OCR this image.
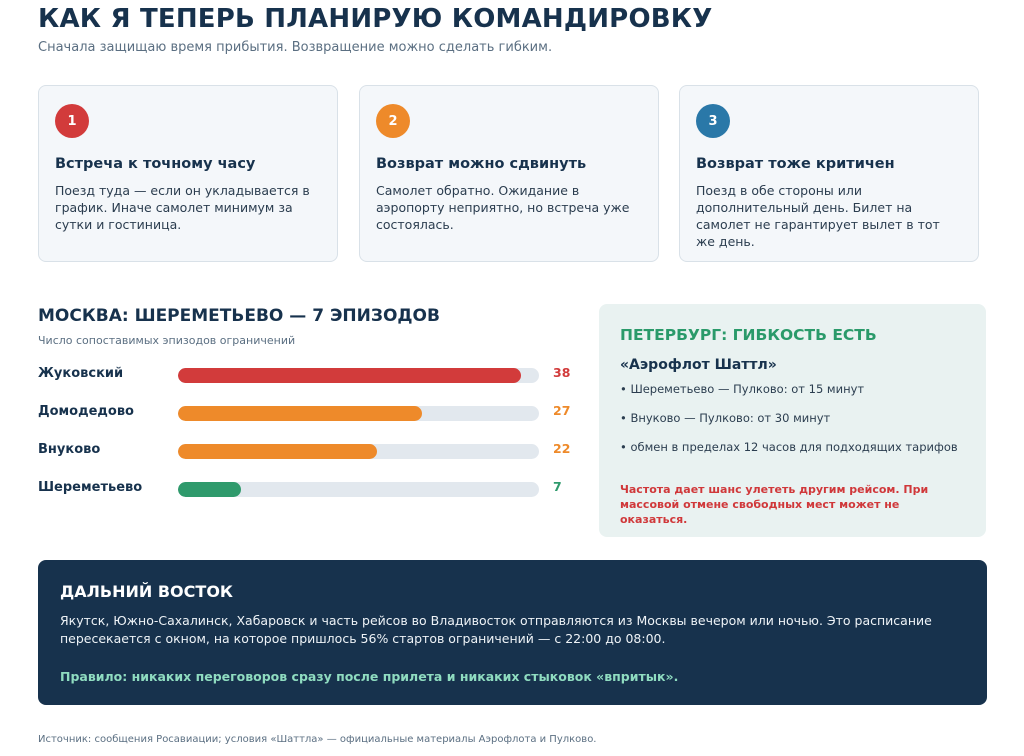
КАК Я ТЕПЕРЬ ПЛАНИРУЮ КОМАНДИРОВКУ
Сначала защищаю время прибытия. Возвращение можно сделать гибким.
1
Встреча к точному часу
Поезд туда — если он укладывается в график. Иначе самолет минимум за сутки и гостиница.
2
Возврат можно сдвинуть
Самолет обратно. Ожидание в аэропорту неприятно, но встреча уже состоялась.
3
Возврат тоже критичен
Поезд в обе стороны или дополнительный день. Билет на самолет не гарантирует вылет в тот же день.
МОСКВА: ШЕРЕМЕТЬЕВО — 7 ЭПИЗОДОВ
Число сопоставимых эпизодов ограничений
Жуковский	38
Домодедово	27
Внуково	22
Шереметьево	7
ПЕТЕРБУРГ: ГИБКОСТЬ ЕСТЬ
«Аэрофлот Шаттл»
• Шереметьево — Пулково: от 15 минут
• Внуково — Пулково: от 30 минут
• обмен в пределах 12 часов для подходящих тарифов
Частота дает шанс улететь другим рейсом. При массовой отмене свободных мест может не оказаться.
ДАЛЬНИЙ ВОСТОК
Якутск, Южно-Сахалинск, Хабаровск и часть рейсов во Владивосток отправляются из Москвы вечером или ночью. Это расписание пересекается с окном, на которое пришлось 56% стартов ограничений — с 22:00 до 08:00.
Правило: никаких переговоров сразу после прилета и никаких стыковок «впритык».
Источник: сообщения Росавиации; условия «Шаттла» — официальные материалы Аэрофлота и Пулково.
